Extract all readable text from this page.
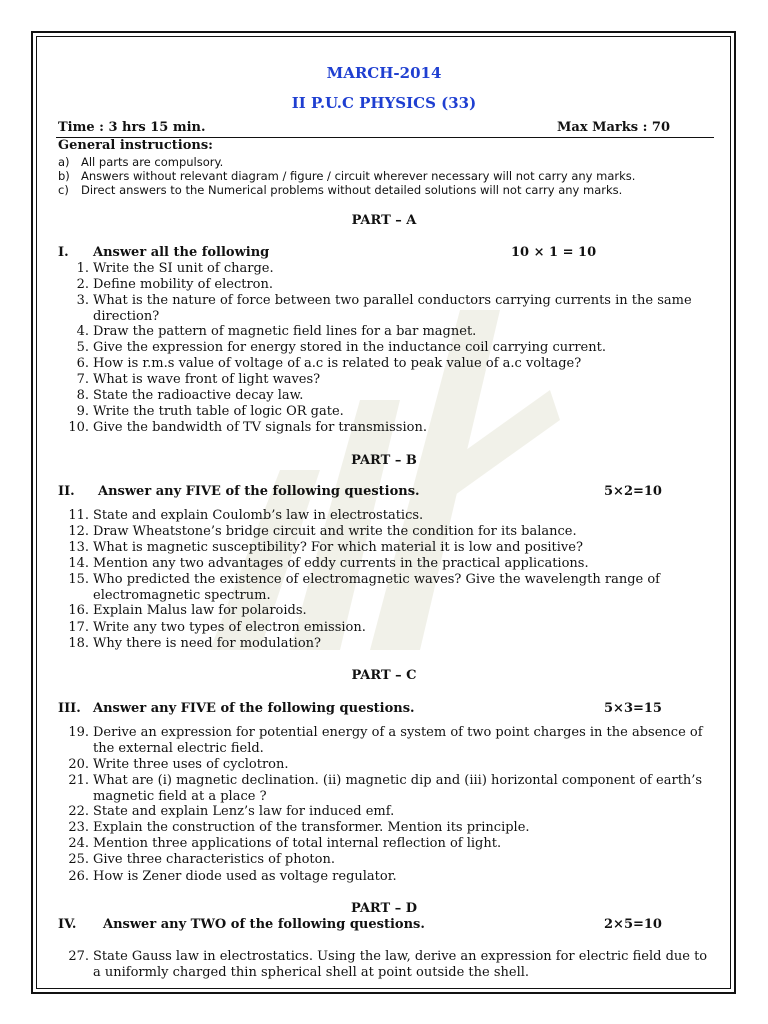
MARCH-2014
II P.U.C PHYSICS (33)
Time : 3 hrs 15 min.	Max Marks : 70
General instructions:
a) All parts are compulsory.
b) Answers without relevant diagram / figure / circuit wherever necessary will not carry any marks.
c) Direct answers to the Numerical problems without detailed solutions will not carry any marks.
PART – A
I. Answer all the following	10 × 1 = 10
1. Write the SI unit of charge.
2. Define mobility of electron.
3. What is the nature of force between two parallel conductors carrying currents in the same direction?
4. Draw the pattern of magnetic field lines for a bar magnet.
5. Give the expression for energy stored in the inductance coil carrying current.
6. How is r.m.s value of voltage of a.c is related to peak value of a.c voltage?
7. What is wave front of light waves?
8. State the radioactive decay law.
9. Write the truth table of logic OR gate.
10. Give the bandwidth of TV signals for transmission.
PART – B
II. Answer any FIVE of the following questions.	5×2=10
11. State and explain Coulomb’s law in electrostatics.
12. Draw Wheatstone’s bridge circuit and write the condition for its balance.
13. What is magnetic susceptibility? For which material it is low and positive?
14. Mention any two advantages of eddy currents in the practical applications.
15. Who predicted the existence of electromagnetic waves? Give the wavelength range of electromagnetic spectrum.
16. Explain Malus law for polaroids.
17. Write any two types of electron emission.
18. Why there is need for modulation?
PART – C
III. Answer any FIVE of the following questions.	5×3=15
19. Derive an expression for potential energy of a system of two point charges in the absence of the external electric field.
20. Write three uses of cyclotron.
21. What are (i) magnetic declination. (ii) magnetic dip and (iii) horizontal component of earth’s magnetic field at a place ?
22. State and explain Lenz’s law for induced emf.
23. Explain the construction of the transformer. Mention its principle.
24. Mention three applications of total internal reflection of light.
25. Give three characteristics of photon.
26. How is Zener diode used as voltage regulator.
PART – D
IV. Answer any TWO of the following questions.	2×5=10
27. State Gauss law in electrostatics. Using the law, derive an expression for electric field due to a uniformly charged thin spherical shell at point outside the shell.
